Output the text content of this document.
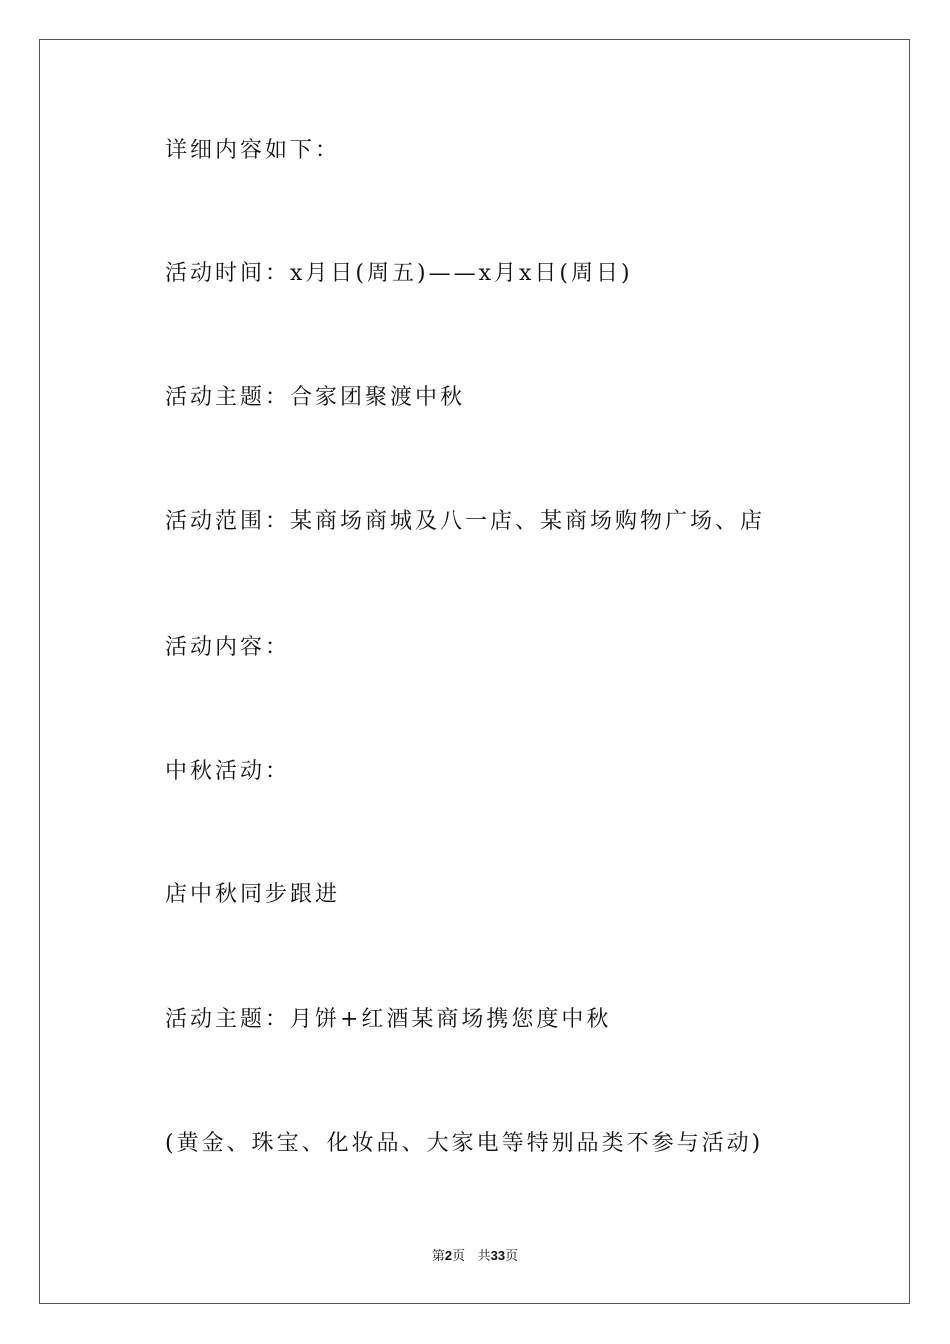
详细内容如下：
活动时间：x月日(周五)——x月x日(周日)
活动主题：合家团聚渡中秋
活动范围：某商场商城及八一店、某商场购物广场、店
活动内容：
中秋活动：
店中秋同步跟进
活动主题：月饼+红酒某商场携您度中秋
(黄金、珠宝、化妆品、大家电等特别品类不参与活动)
第2页 共33页
